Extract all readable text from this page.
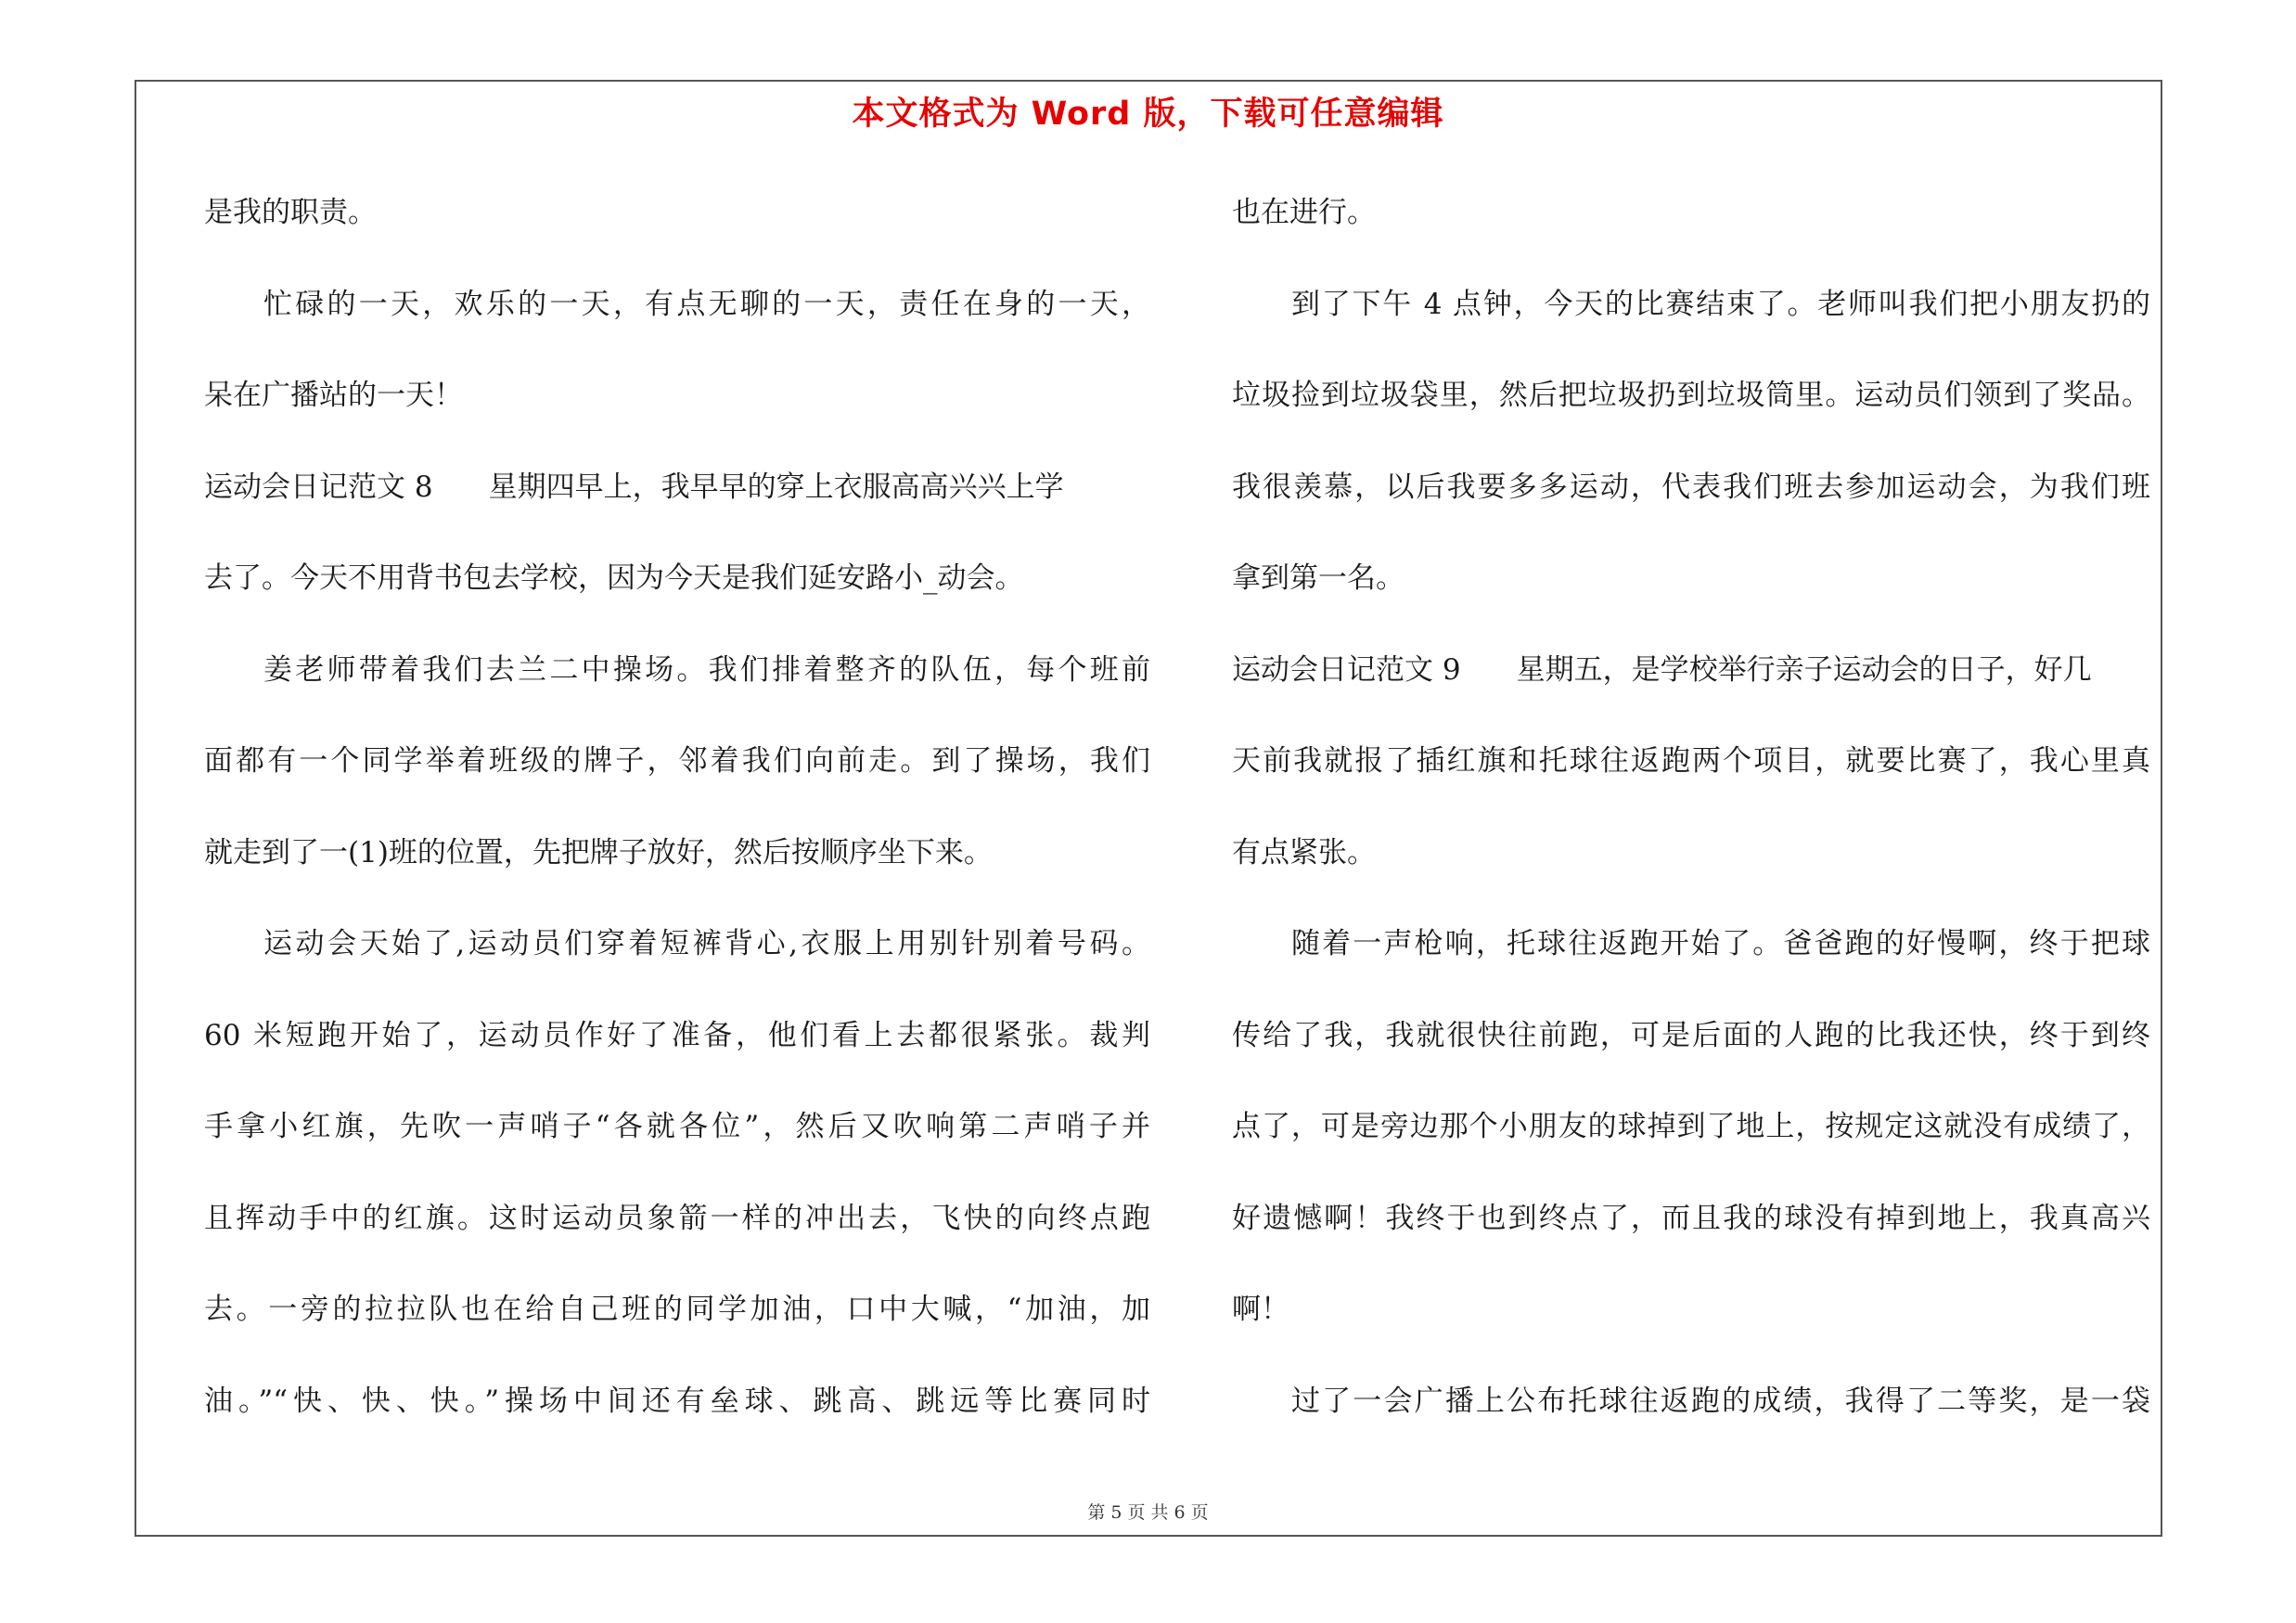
本文格式为 Word 版，下载可任意编辑
是我的职责。
忙碌的一天，欢乐的一天，有点无聊的一天，责任在身的一天，
呆在广播站的一天！
运动会日记范文 8 星期四早上，我早早的穿上衣服高高兴兴上学
去了。今天不用背书包去学校，因为今天是我们延安路小_动会。
姜老师带着我们去兰二中操场。我们排着整齐的队伍，每个班前
面都有一个同学举着班级的牌子，邻着我们向前走。到了操场，我们
就走到了一(1)班的位置，先把牌子放好，然后按顺序坐下来。
运动会天始了,运动员们穿着短裤背心,衣服上用别针别着号码。
60 米短跑开始了，运动员作好了准备，他们看上去都很紧张。裁判
手拿小红旗，先吹一声哨子“各就各位”，然后又吹响第二声哨子并
且挥动手中的红旗。这时运动员象箭一样的冲出去，飞快的向终点跑
去。一旁的拉拉队也在给自己班的同学加油，口中大喊，“加油，加
油。”“快、快、快。”操场中间还有垒球、跳高、跳远等比赛同时
也在进行。
到了下午 4 点钟，今天的比赛结束了。老师叫我们把小朋友扔的
垃圾捡到垃圾袋里，然后把垃圾扔到垃圾筒里。运动员们领到了奖品。
我很羡慕，以后我要多多运动，代表我们班去参加运动会，为我们班
拿到第一名。
运动会日记范文 9 星期五，是学校举行亲子运动会的日子，好几
天前我就报了插红旗和托球往返跑两个项目，就要比赛了，我心里真
有点紧张。
随着一声枪响，托球往返跑开始了。爸爸跑的好慢啊，终于把球
传给了我，我就很快往前跑，可是后面的人跑的比我还快，终于到终
点了，可是旁边那个小朋友的球掉到了地上，按规定这就没有成绩了，
好遗憾啊！我终于也到终点了，而且我的球没有掉到地上，我真高兴
啊！
过了一会广播上公布托球往返跑的成绩，我得了二等奖，是一袋
第 5 页 共 6 页
